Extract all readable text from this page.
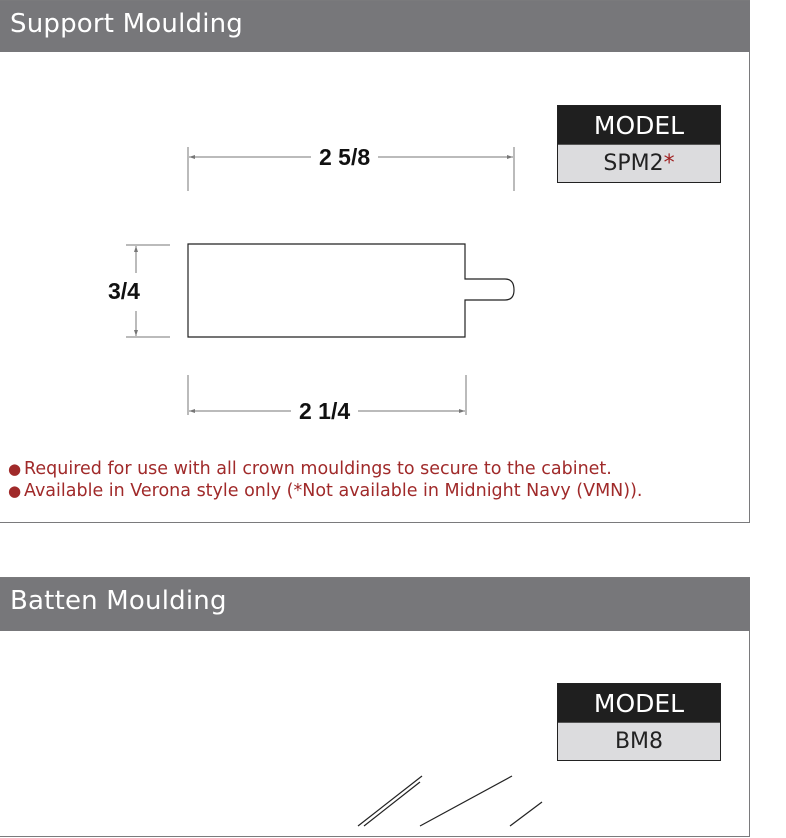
Support Moulding
MODEL
SPM2*
2 5/8
3/4
2 1/4
● Required for use with all crown mouldings to secure to the cabinet.
● Available in Verona style only (*Not available in Midnight Navy (VMN)).
Batten Moulding
MODEL
BM8
